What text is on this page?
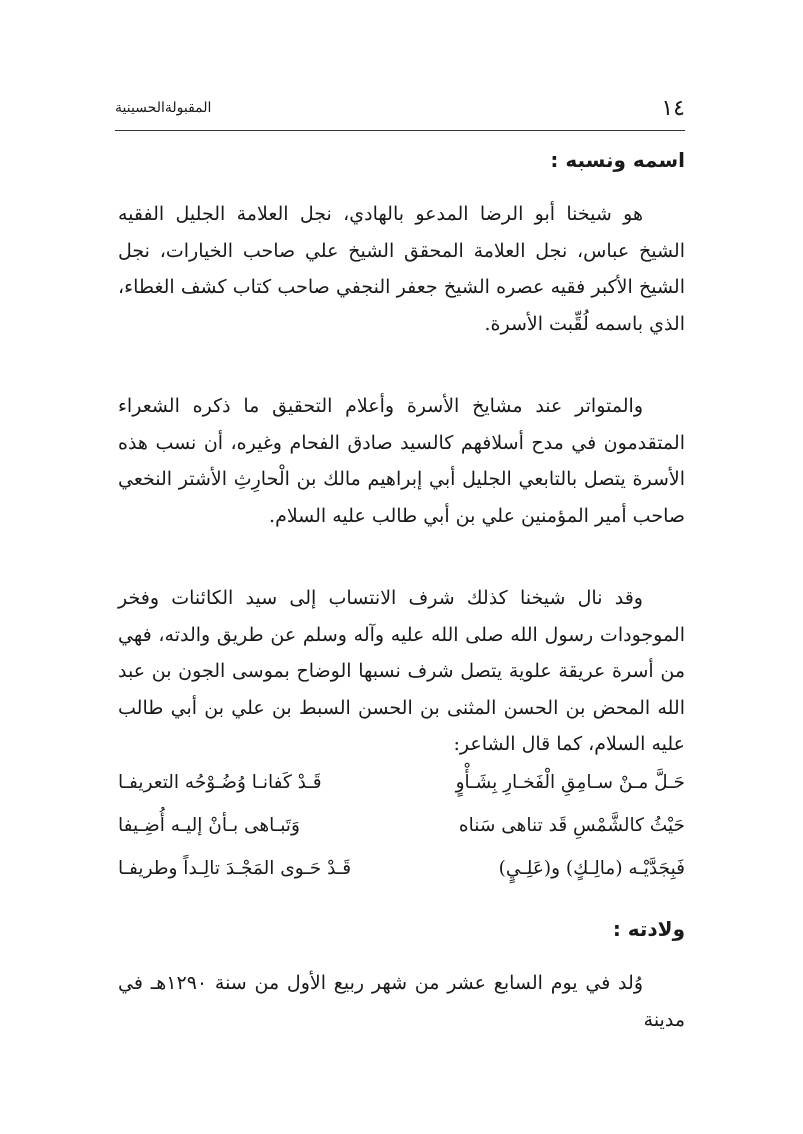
١٤
المقبولةالحسينية
اسمه ونسبه :

هو شيخنا أبو الرضا المدعو بالهادي، نجل العلامة الجليل الفقيه الشيخ عباس، نجل العلامة المحقق الشيخ علي صاحب الخيارات، نجل الشيخ الأكبر فقيه عصره الشيخ جعفر النجفي صاحب كتاب كشف الغطاء، الذي باسمه لُقِّبت الأسرة.

والمتواتر عند مشايخ الأسرة وأعلام التحقيق ما ذكره الشعراء المتقدمون في مدح أسلافهم كالسيد صادق الفحام وغيره، أن نسب هذه الأسرة يتصل بالتابعي الجليل أبي إبراهيم مالك بن الْحارِثِ الأشتر النخعي صاحب أمير المؤمنين علي بن أبي طالب عليه السلام.

وقد نال شيخنا كذلك شرف الانتساب إلى سيد الكائنات وفخر الموجودات رسول الله صلى الله عليه وآله وسلم عن طريق والدته، فهي من أسرة عريقة علوية يتصل شرف نسبها الوضاح بموسى الجون بن عبد الله المحض بن الحسن المثنى بن الحسن السبط بن علي بن أبي طالب عليه السلام، كما قال الشاعر:

حَـلَّ مـنْ سـامِقِ الْفَخـارِ بِشَـأْوٍ
قَـدْ كَفانـا وُضُـوْحُه التعريفـا
حَيْثُ كالشَّمْسِ قَد تناهى سَناه
وَتَبـاهى بـأنْ إليـه أُضِـيفا
فَبِجَدَّيْـه (مالِـكٍ) و(عَلِـيٍ)
قَـدْ حَـوى المَجْـدَ تالِـداً وطريفـا
ولادته :

وُلد في يوم السابع عشر من شهر ربيع الأول من سنة ١٢٩٠هـ في مدينة
